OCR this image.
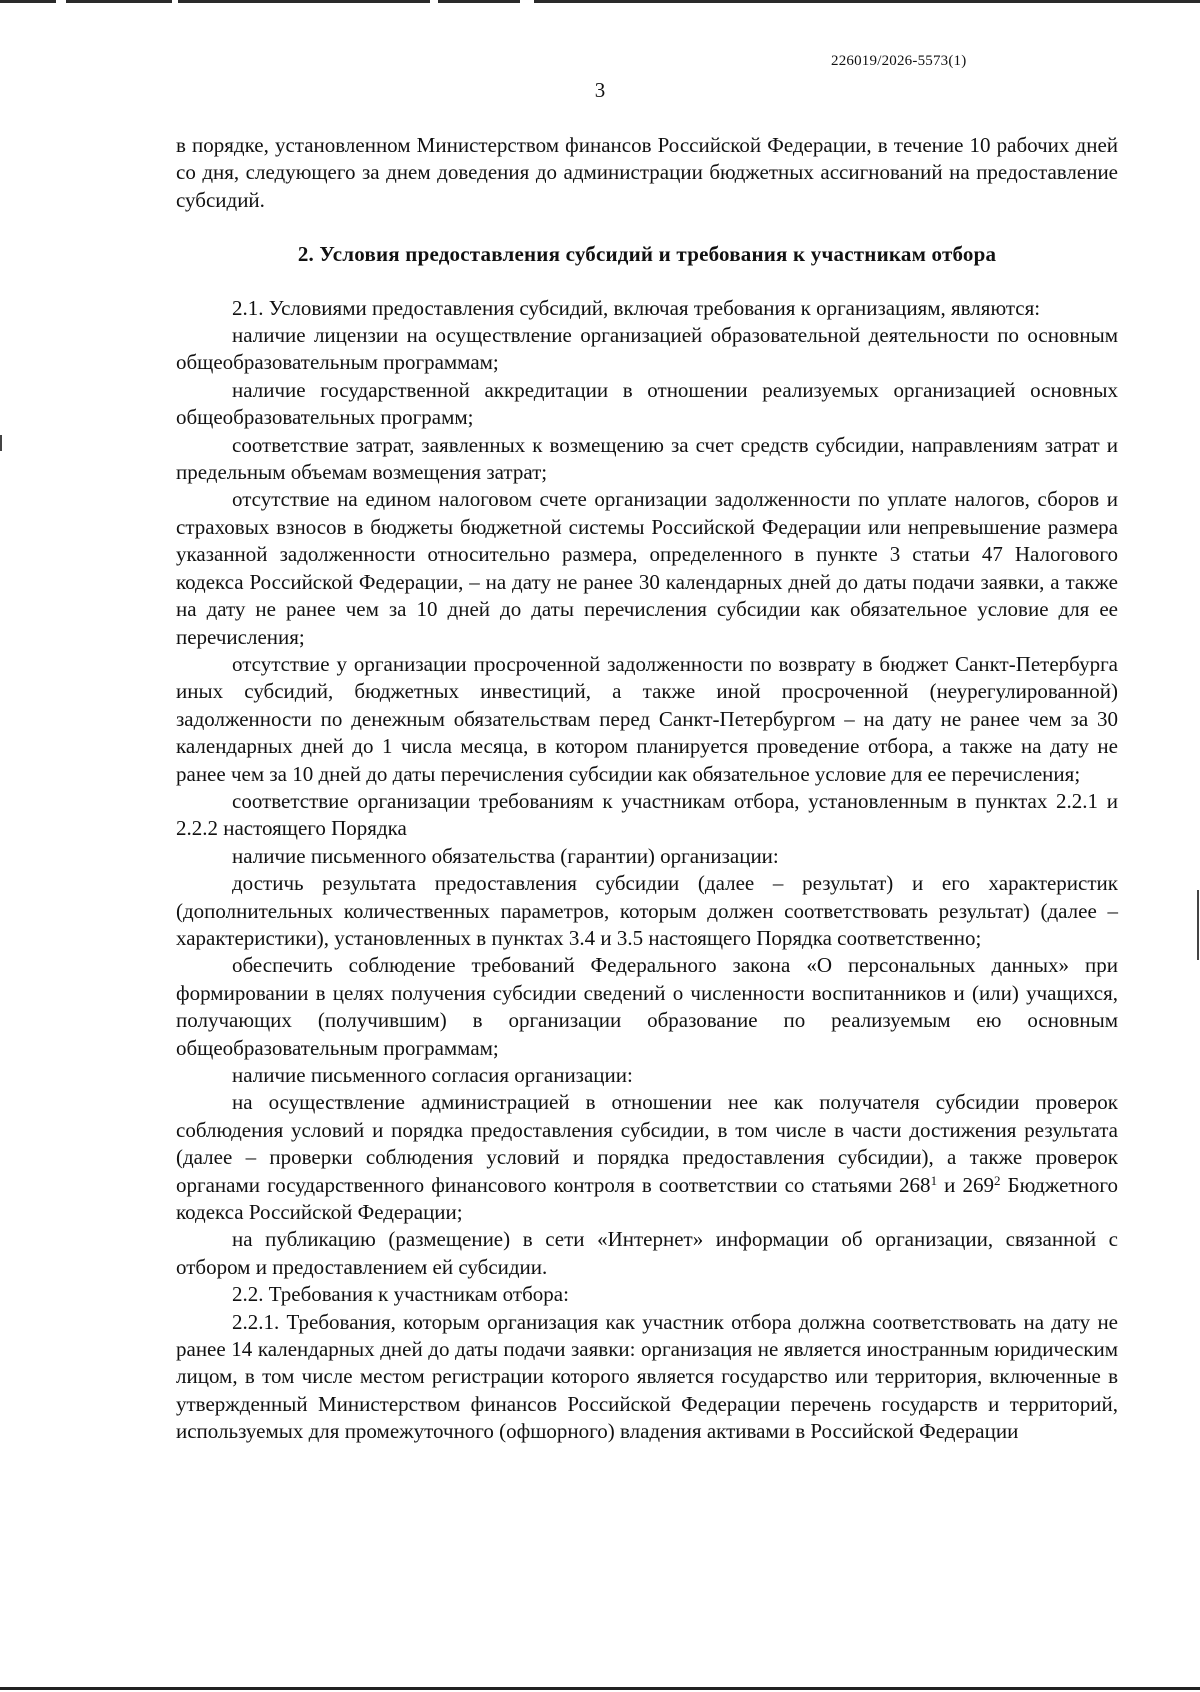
226019/2026-5573(1)
3

в порядке, установленном Министерством финансов Российской Федерации, в течение 10 рабочих дней со дня, следующего за днем доведения до администрации бюджетных ассигнований на предоставление субсидий.

2. Условия предоставления субсидий и требования к участникам отбора

2.1. Условиями предоставления субсидий, включая требования к организациям, являются:

наличие лицензии на осуществление организацией образовательной деятельности по основным общеобразовательным программам;

наличие государственной аккредитации в отношении реализуемых организацией основных общеобразовательных программ;

соответствие затрат, заявленных к возмещению за счет средств субсидии, направлениям затрат и предельным объемам возмещения затрат;

отсутствие на едином налоговом счете организации задолженности по уплате налогов, сборов и страховых взносов в бюджеты бюджетной системы Российской Федерации или непревышение размера указанной задолженности относительно размера, определенного в пункте 3 статьи 47 Налогового кодекса Российской Федерации, – на дату не ранее 30 календарных дней до даты подачи заявки, а также на дату не ранее чем за 10 дней до даты перечисления субсидии как обязательное условие для ее перечисления;

отсутствие у организации просроченной задолженности по возврату в бюджет Санкт-Петербурга иных субсидий, бюджетных инвестиций, а также иной просроченной (неурегулированной) задолженности по денежным обязательствам перед Санкт-Петербургом – на дату не ранее чем за 30 календарных дней до 1 числа месяца, в котором планируется проведение отбора, а также на дату не ранее чем за 10 дней до даты перечисления субсидии как обязательное условие для ее перечисления;

соответствие организации требованиям к участникам отбора, установленным в пунктах 2.2.1 и 2.2.2 настоящего Порядка

наличие письменного обязательства (гарантии) организации:

достичь результата предоставления субсидии (далее – результат) и его характеристик (дополнительных количественных параметров, которым должен соответствовать результат) (далее – характеристики), установленных в пунктах 3.4 и 3.5 настоящего Порядка соответственно;

обеспечить соблюдение требований Федерального закона «О персональных данных» при формировании в целях получения субсидии сведений о численности воспитанников и (или) учащихся, получающих (получившим) в организации образование по реализуемым ею основным общеобразовательным программам;

наличие письменного согласия организации:

на осуществление администрацией в отношении нее как получателя субсидии проверок соблюдения условий и порядка предоставления субсидии, в том числе в части достижения результата (далее – проверки соблюдения условий и порядка предоставления субсидии), а также проверок органами государственного финансового контроля в соответствии со статьями $268^1$ и $269^2$ Бюджетного кодекса Российской Федерации;

на публикацию (размещение) в сети «Интернет» информации об организации, связанной с отбором и предоставлением ей субсидии.

2.2. Требования к участникам отбора:

2.2.1. Требования, которым организация как участник отбора должна соответствовать на дату не ранее 14 календарных дней до даты подачи заявки: организация не является иностранным юридическим лицом, в том числе местом регистрации которого является государство или территория, включенные в утвержденный Министерством финансов Российской Федерации перечень государств и территорий, используемых для промежуточного (офшорного) владения активами в Российской Федерации
